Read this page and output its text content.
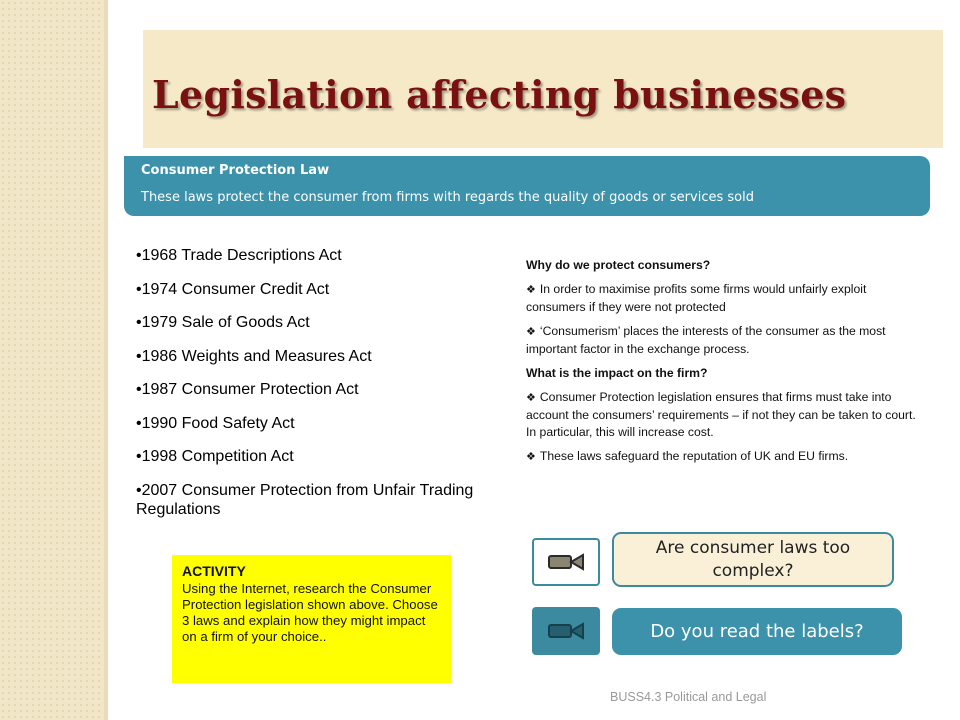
Legislation affecting businesses
Consumer Protection Law
These laws protect the consumer from firms with regards the quality of goods or services sold
•1968 Trade Descriptions Act
•1974 Consumer Credit Act
•1979 Sale of Goods Act
•1986 Weights and Measures Act
•1987 Consumer Protection Act
•1990 Food Safety Act
•1998 Competition Act
•2007 Consumer Protection from Unfair Trading Regulations

Why do we protect consumers?

❖ In order to maximise profits some firms would unfairly exploit consumers if they were not protected

❖ ‘Consumerism’ places the interests of the consumer as the most important factor in the exchange process.

What is the impact on the firm?

❖ Consumer Protection legislation ensures that firms must take into account the consumers’ requirements – if not they can be taken to court. In particular, this will increase cost.

❖ These laws safeguard the reputation of UK and EU firms.

ACTIVITY
Using the Internet, research the Consumer Protection legislation shown above. Choose 3 laws and explain how they might impact on a firm of your choice..
Are consumer laws too complex?
Do you read the labels?
BUSS4.3 Political and Legal
